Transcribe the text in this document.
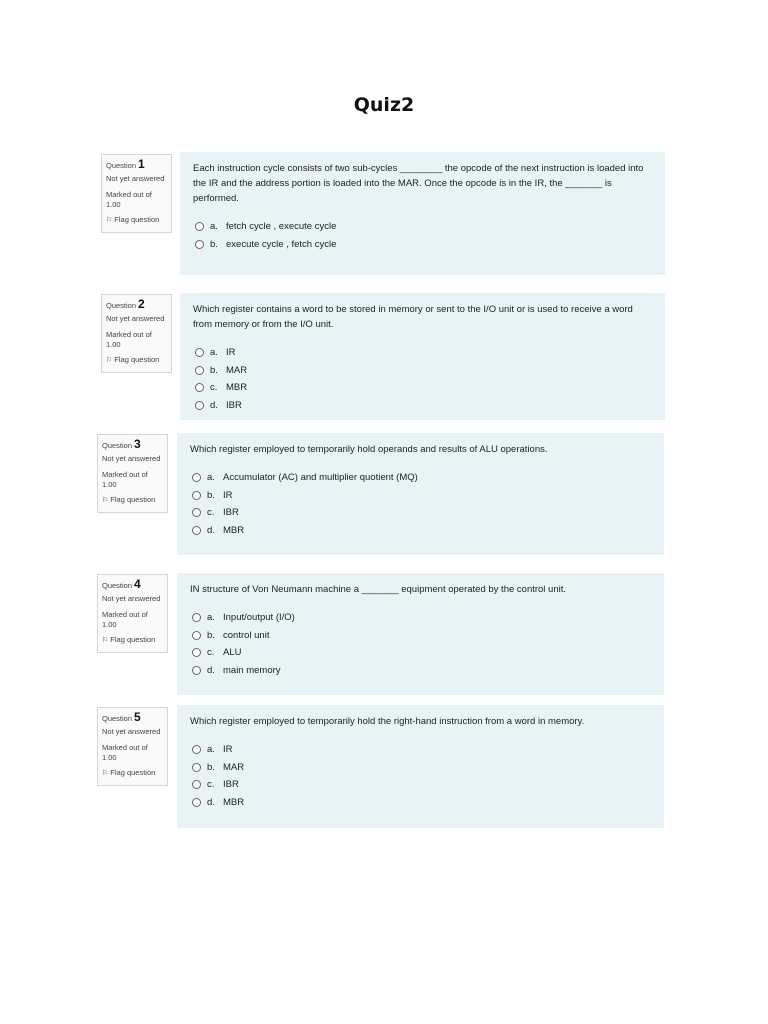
Quiz2
Question 1
Not yet answered
Marked out of 1.00
⚐ Flag question
Each instruction cycle consists of two sub-cycles ________ the opcode of the next instruction is loaded into the IR and the address portion is loaded into the MAR. Once the opcode is in the IR, the _______ is performed.
a. fetch cycle , execute cycle
b. execute cycle , fetch cycle
Question 2
Not yet answered
Marked out of 1.00
⚐ Flag question
Which register contains a word to be stored in memory or sent to the I/O unit or is used to receive a word from memory or from the I/O unit.
a. IR
b. MAR
c. MBR
d. IBR
Question 3
Not yet answered
Marked out of 1.00
⚐ Flag question
Which register employed to temporarily hold operands and results of ALU operations.
a. Accumulator (AC) and multiplier quotient (MQ)
b. IR
c. IBR
d. MBR
Question 4
Not yet answered
Marked out of 1.00
⚐ Flag question
IN structure of Von Neumann machine a _______ equipment operated by the control unit.
a. Input/output (I/O)
b. control unit
c. ALU
d. main memory
Question 5
Not yet answered
Marked out of 1.00
⚐ Flag question
Which register employed to temporarily hold the right-hand instruction from a word in memory.
a. IR
b. MAR
c. IBR
d. MBR
